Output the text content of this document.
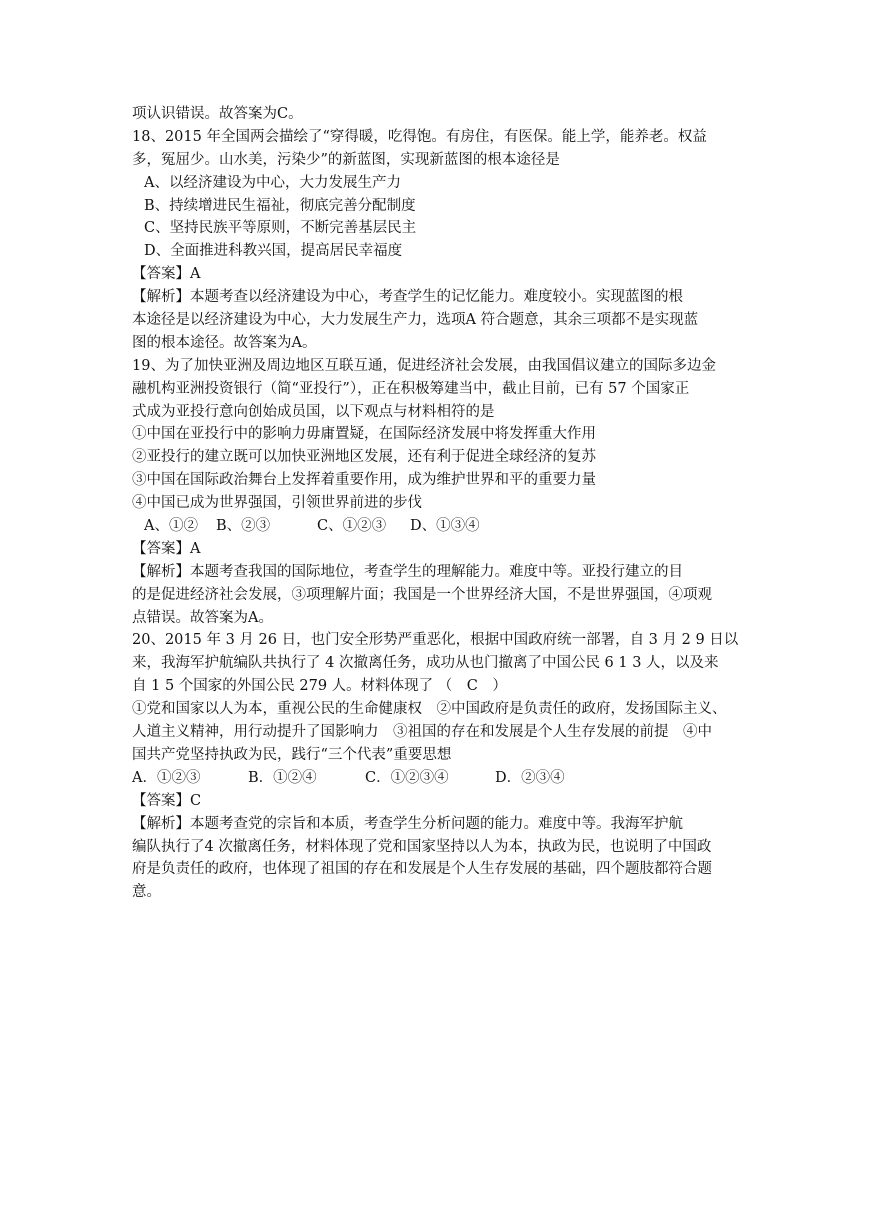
项认识错误。故答案为C。
18、2015 年全国两会描绘了“穿得暖，吃得饱。有房住，有医保。能上学，能养老。权益
多，冤屈少。山水美，污染少”的新蓝图，实现新蓝图的根本途径是
A、以经济建设为中心，大力发展生产力
B、持续增进民生福祉，彻底完善分配制度
C、坚持民族平等原则，不断完善基层民主
D、全面推进科教兴国，提高居民幸福度
【答案】A
【解析】本题考查以经济建设为中心，考查学生的记忆能力。难度较小。实现蓝图的根
本途径是以经济建设为中心，大力发展生产力，选项A 符合题意，其余三项都不是实现蓝
图的根本途径。故答案为A。
19、为了加快亚洲及周边地区互联互通，促进经济社会发展，由我国倡议建立的国际多边金
融机构亚洲投资银行（简“亚投行”），正在积极筹建当中，截止目前，已有 57 个国家正
式成为亚投行意向创始成员国，以下观点与材料相符的是
①中国在亚投行中的影响力毋庸置疑，在国际经济发展中将发挥重大作用
②亚投行的建立既可以加快亚洲地区发展，还有利于促进全球经济的复苏
③中国在国际政治舞台上发挥着重要作用，成为维护世界和平的重要力量
④中国已成为世界强国，引领世界前进的步伐
A、①② B、②③	C、①②③ D、①③④
【答案】A
【解析】本题考查我国的国际地位，考查学生的理解能力。难度中等。亚投行建立的目
的是促进经济社会发展，③项理解片面；我国是一个世界经济大国，不是世界强国，④项观
点错误。故答案为A。
20、2015 年 3 月 26 日，也门安全形势严重恶化，根据中国政府统一部署，自 3 月 2 9 日以
来，我海军护航编队共执行了 4 次撤离任务，成功从也门撤离了中国公民 6 1 3 人，以及来
自 1 5 个国家的外国公民 279 人。材料体现了 （　C　）
①党和国家以人为本，重视公民的生命健康权　②中国政府是负责任的政府，发扬国际主义、
人道主义精神，用行动提升了国影响力　③祖国的存在和发展是个人生存发展的前提　④中
国共产党坚持执政为民，践行“三个代表”重要思想
A．①②③	B．①②④	C．①②③④	D．②③④
【答案】C
【解析】本题考查党的宗旨和本质，考查学生分析问题的能力。难度中等。我海军护航
编队执行了4 次撤离任务，材料体现了党和国家坚持以人为本，执政为民，也说明了中国政
府是负责任的政府，也体现了祖国的存在和发展是个人生存发展的基础，四个题肢都符合题
意。
